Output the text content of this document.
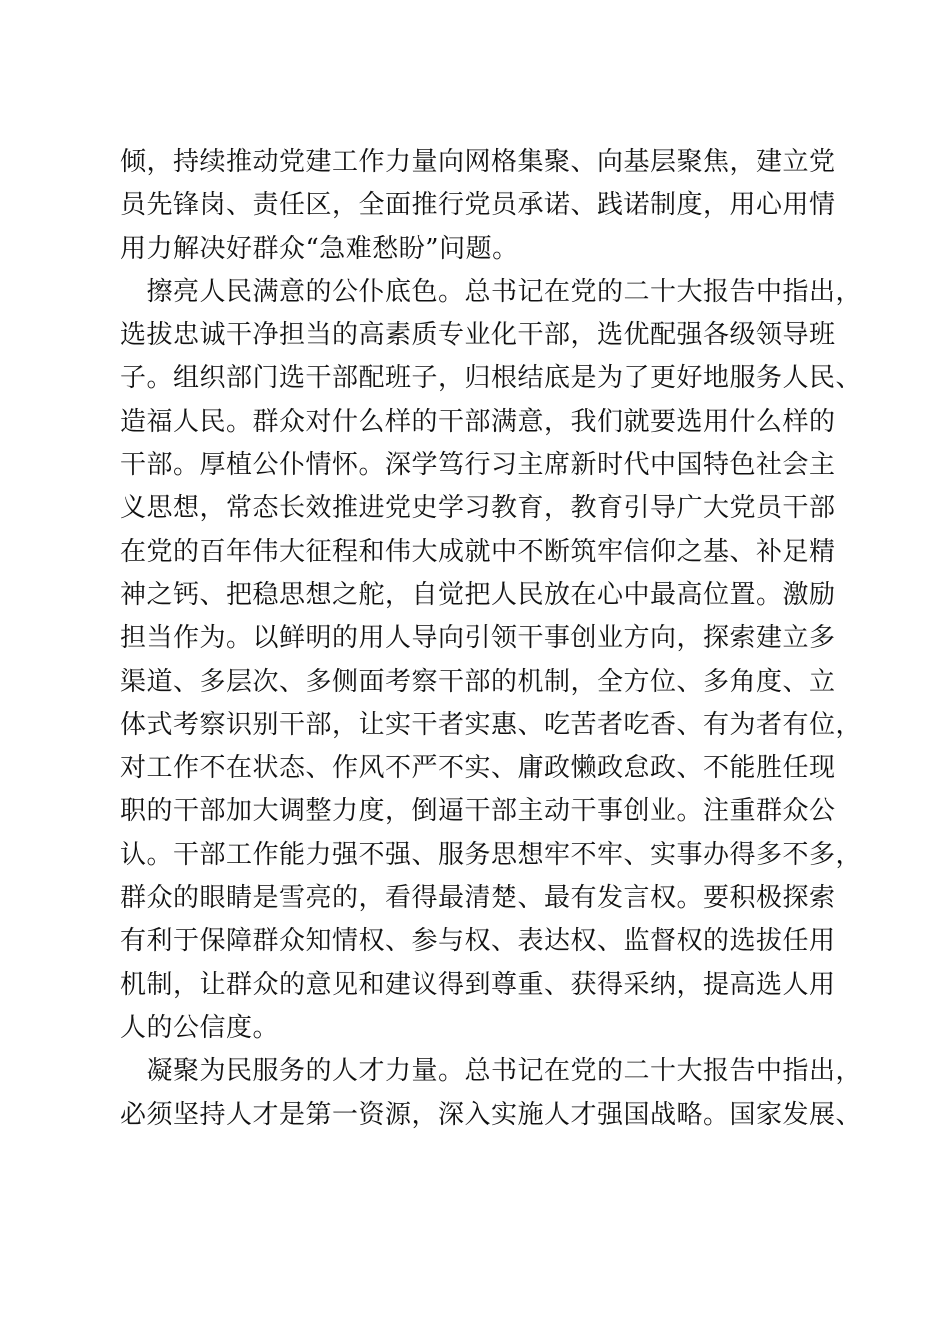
倾，持续推动党建工作力量向网格集聚、向基层聚焦，建立党
员先锋岗、责任区，全面推行党员承诺、践诺制度，用心用情
用力解决好群众“急难愁盼”问题。
　擦亮人民满意的公仆底色。总书记在党的二十大报告中指出，
选拔忠诚干净担当的高素质专业化干部，选优配强各级领导班
子。组织部门选干部配班子，归根结底是为了更好地服务人民、
造福人民。群众对什么样的干部满意，我们就要选用什么样的
干部。厚植公仆情怀。深学笃行习主席新时代中国特色社会主
义思想，常态长效推进党史学习教育，教育引导广大党员干部
在党的百年伟大征程和伟大成就中不断筑牢信仰之基、补足精
神之钙、把稳思想之舵，自觉把人民放在心中最高位置。激励
担当作为。以鲜明的用人导向引领干事创业方向，探索建立多
渠道、多层次、多侧面考察干部的机制，全方位、多角度、立
体式考察识别干部，让实干者实惠、吃苦者吃香、有为者有位，
对工作不在状态、作风不严不实、庸政懒政怠政、不能胜任现
职的干部加大调整力度，倒逼干部主动干事创业。注重群众公
认。干部工作能力强不强、服务思想牢不牢、实事办得多不多，
群众的眼睛是雪亮的，看得最清楚、最有发言权。要积极探索
有利于保障群众知情权、参与权、表达权、监督权的选拔任用
机制，让群众的意见和建议得到尊重、获得采纳，提高选人用
人的公信度。
　凝聚为民服务的人才力量。总书记在党的二十大报告中指出，
必须坚持人才是第一资源，深入实施人才强国战略。国家发展、
